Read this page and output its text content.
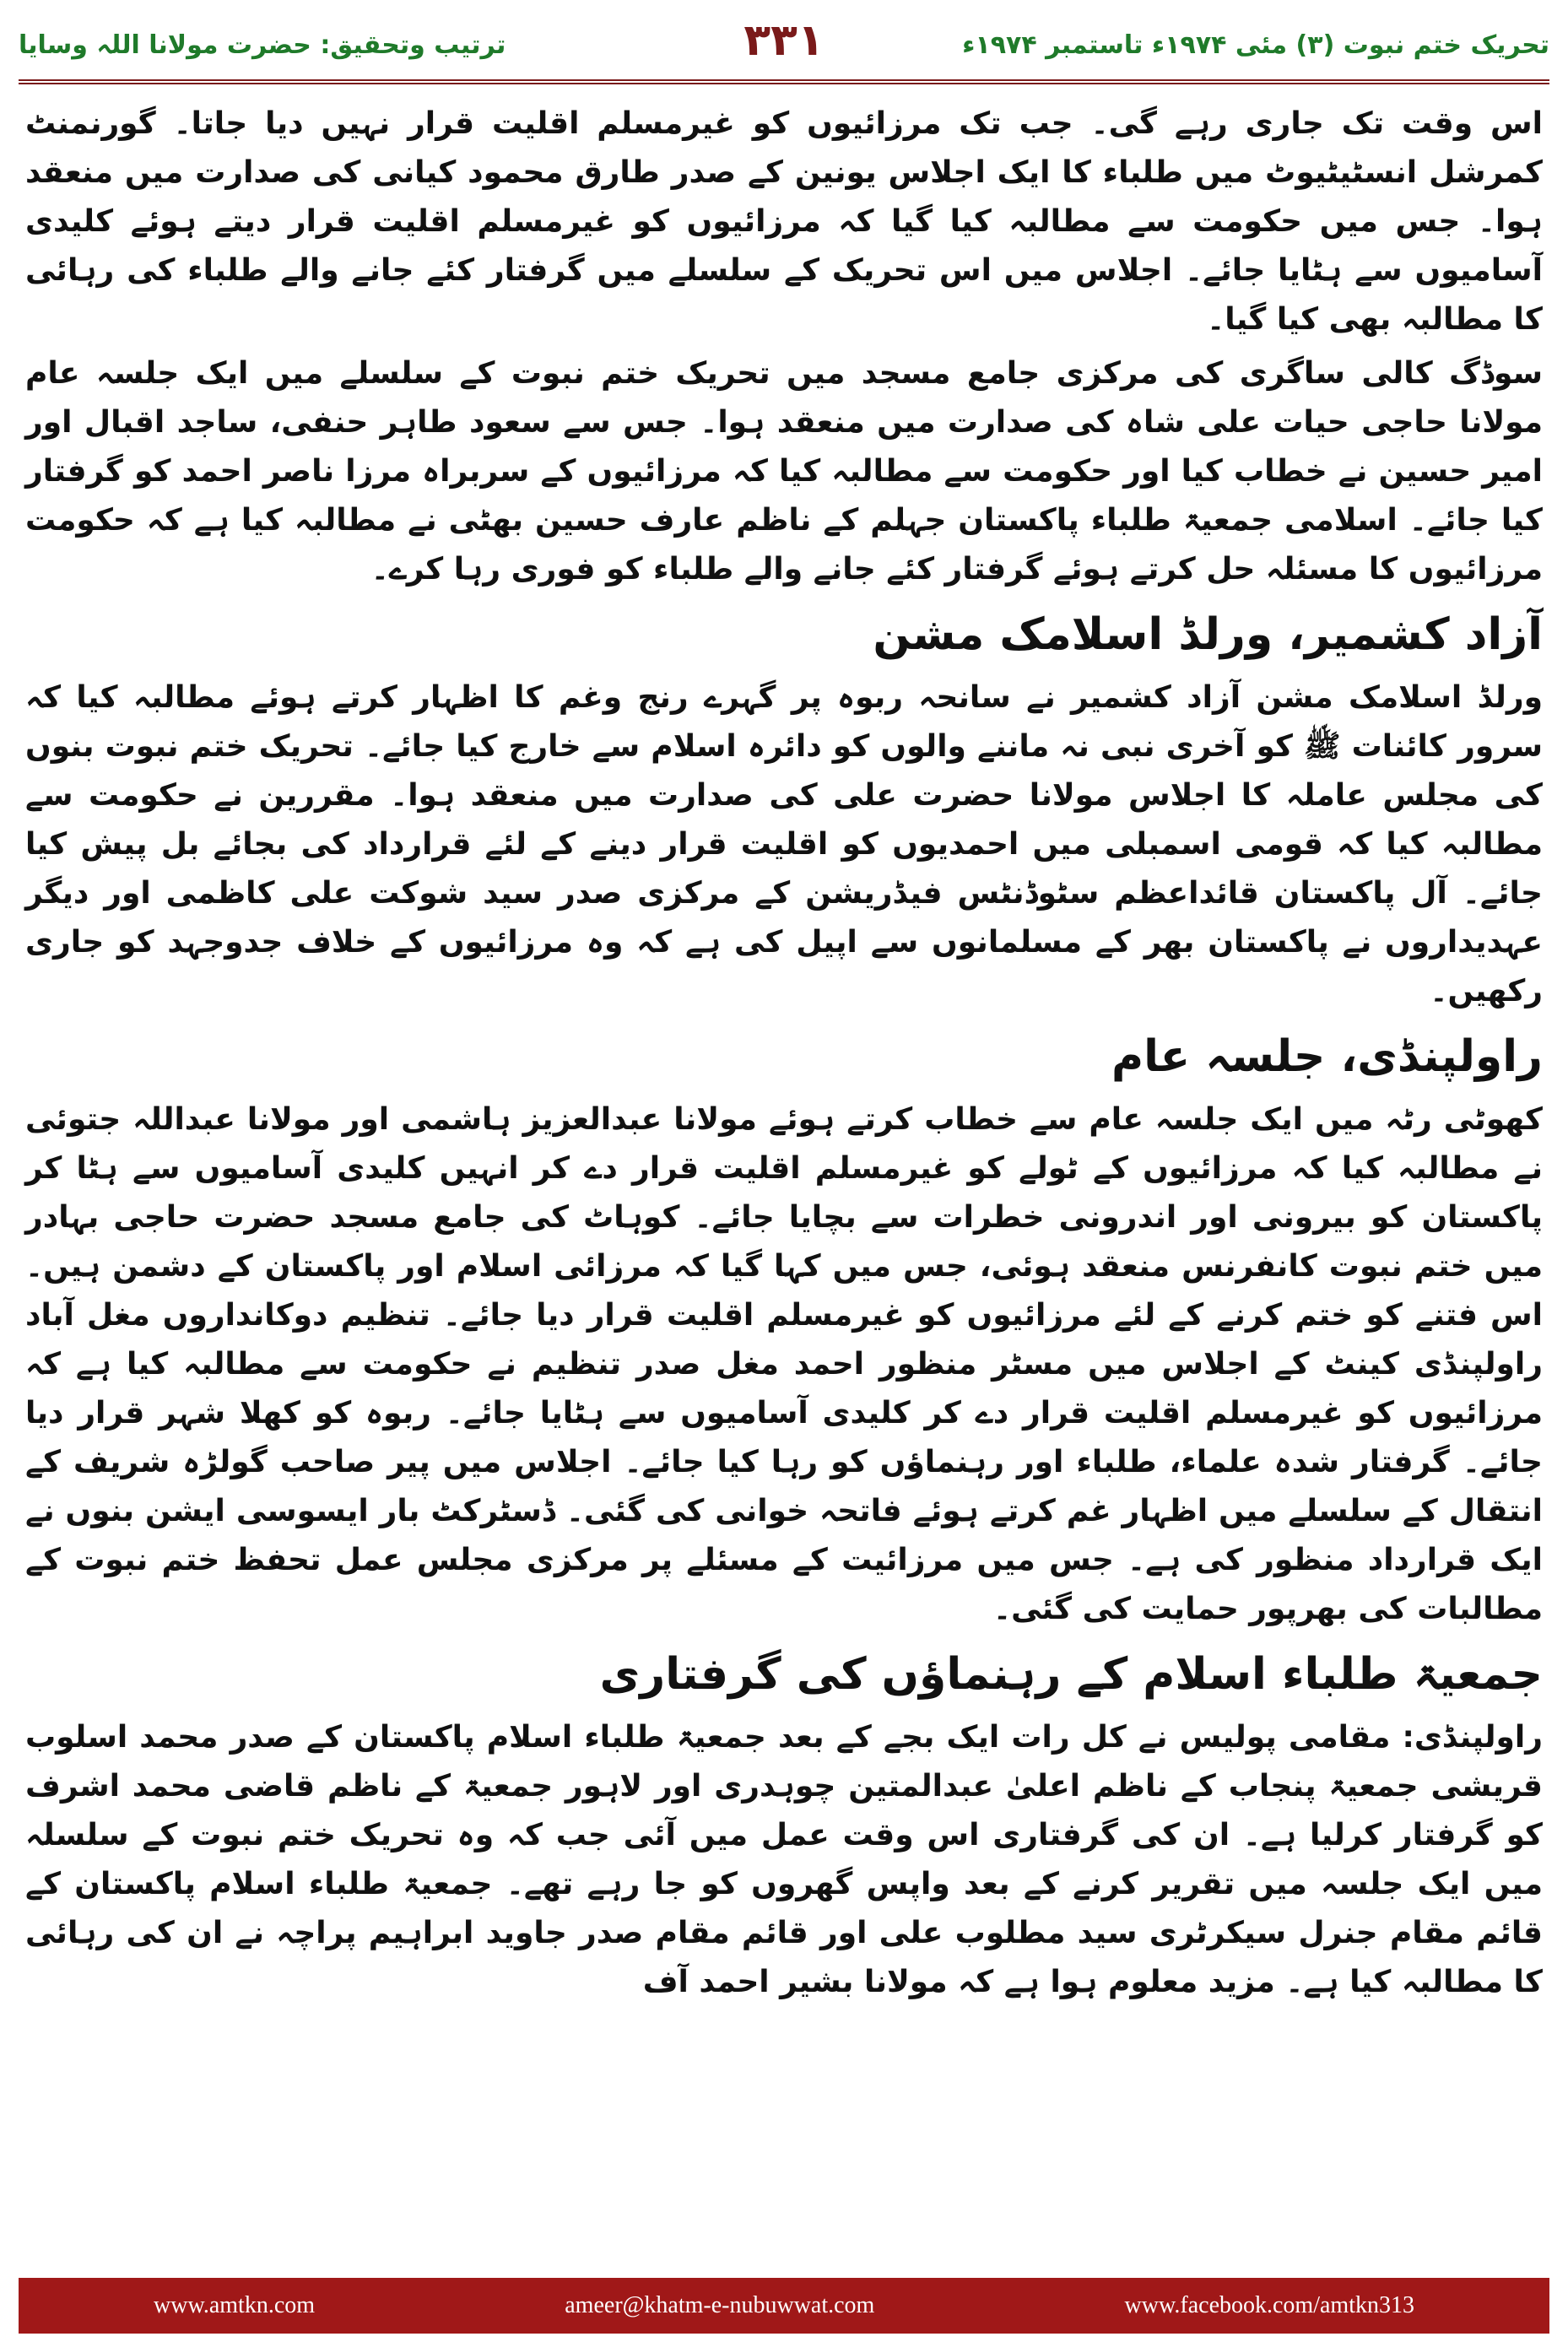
تحریک ختم نبوت (۳) مئی ۱۹۷۴ء تاستمبر ۱۹۷۴ء
۳۳۱
ترتیب وتحقیق: حضرت مولانا اللہ وسایا

اس وقت تک جاری رہے گی۔ جب تک مرزائیوں کو غیرمسلم اقلیت قرار نہیں دیا جاتا۔ گورنمنٹ کمرشل انسٹیٹیوٹ میں طلباء کا ایک اجلاس یونین کے صدر طارق محمود کیانی کی صدارت میں منعقد ہوا۔ جس میں حکومت سے مطالبہ کیا گیا کہ مرزائیوں کو غیرمسلم اقلیت قرار دیتے ہوئے کلیدی آسامیوں سے ہٹایا جائے۔ اجلاس میں اس تحریک کے سلسلے میں گرفتار کئے جانے والے طلباء کی رہائی کا مطالبہ بھی کیا گیا۔

سوڈگ کالی ساگری کی مرکزی جامع مسجد میں تحریک ختم نبوت کے سلسلے میں ایک جلسہ عام مولانا حاجی حیات علی شاہ کی صدارت میں منعقد ہوا۔ جس سے سعود طاہر حنفی، ساجد اقبال اور امیر حسین نے خطاب کیا اور حکومت سے مطالبہ کیا کہ مرزائیوں کے سربراہ مرزا ناصر احمد کو گرفتار کیا جائے۔ اسلامی جمعیۃ طلباء پاکستان جہلم کے ناظم عارف حسین بھٹی نے مطالبہ کیا ہے کہ حکومت مرزائیوں کا مسئلہ حل کرتے ہوئے گرفتار کئے جانے والے طلباء کو فوری رہا کرے۔

آزاد کشمیر، ورلڈ اسلامک مشن

ورلڈ اسلامک مشن آزاد کشمیر نے سانحہ ربوہ پر گہرے رنج وغم کا اظہار کرتے ہوئے مطالبہ کیا کہ سرور کائنات ﷺ کو آخری نبی نہ ماننے والوں کو دائرہ اسلام سے خارج کیا جائے۔ تحریک ختم نبوت بنوں کی مجلس عاملہ کا اجلاس مولانا حضرت علی کی صدارت میں منعقد ہوا۔ مقررین نے حکومت سے مطالبہ کیا کہ قومی اسمبلی میں احمدیوں کو اقلیت قرار دینے کے لئے قرارداد کی بجائے بل پیش کیا جائے۔ آل پاکستان قائداعظم سٹوڈنٹس فیڈریشن کے مرکزی صدر سید شوکت علی کاظمی اور دیگر عہدیداروں نے پاکستان بھر کے مسلمانوں سے اپیل کی ہے کہ وہ مرزائیوں کے خلاف جدوجہد کو جاری رکھیں۔

راولپنڈی، جلسہ عام

کھوٹی رٹہ میں ایک جلسہ عام سے خطاب کرتے ہوئے مولانا عبدالعزیز ہاشمی اور مولانا عبداللہ جتوئی نے مطالبہ کیا کہ مرزائیوں کے ٹولے کو غیرمسلم اقلیت قرار دے کر انہیں کلیدی آسامیوں سے ہٹا کر پاکستان کو بیرونی اور اندرونی خطرات سے بچایا جائے۔ کوہاٹ کی جامع مسجد حضرت حاجی بہادر میں ختم نبوت کانفرنس منعقد ہوئی، جس میں کہا گیا کہ مرزائی اسلام اور پاکستان کے دشمن ہیں۔ اس فتنے کو ختم کرنے کے لئے مرزائیوں کو غیرمسلم اقلیت قرار دیا جائے۔ تنظیم دوکانداروں مغل آباد راولپنڈی کینٹ کے اجلاس میں مسٹر منظور احمد مغل صدر تنظیم نے حکومت سے مطالبہ کیا ہے کہ مرزائیوں کو غیرمسلم اقلیت قرار دے کر کلیدی آسامیوں سے ہٹایا جائے۔ ربوہ کو کھلا شہر قرار دیا جائے۔ گرفتار شدہ علماء، طلباء اور رہنماؤں کو رہا کیا جائے۔ اجلاس میں پیر صاحب گولڑہ شریف کے انتقال کے سلسلے میں اظہار غم کرتے ہوئے فاتحہ خوانی کی گئی۔ ڈسٹرکٹ بار ایسوسی ایشن بنوں نے ایک قرارداد منظور کی ہے۔ جس میں مرزائیت کے مسئلے پر مرکزی مجلس عمل تحفظ ختم نبوت کے مطالبات کی بھرپور حمایت کی گئی۔

جمعیۃ طلباء اسلام کے رہنماؤں کی گرفتاری

راولپنڈی: مقامی پولیس نے کل رات ایک بجے کے بعد جمعیۃ طلباء اسلام پاکستان کے صدر محمد اسلوب قریشی جمعیۃ پنجاب کے ناظم اعلیٰ عبدالمتین چوہدری اور لاہور جمعیۃ کے ناظم قاضی محمد اشرف کو گرفتار کرلیا ہے۔ ان کی گرفتاری اس وقت عمل میں آئی جب کہ وہ تحریک ختم نبوت کے سلسلہ میں ایک جلسہ میں تقریر کرنے کے بعد واپس گھروں کو جا رہے تھے۔ جمعیۃ طلباء اسلام پاکستان کے قائم مقام جنرل سیکرٹری سید مطلوب علی اور قائم مقام صدر جاوید ابراہیم پراچہ نے ان کی رہائی کا مطالبہ کیا ہے۔ مزید معلوم ہوا ہے کہ مولانا بشیر احمد آف

www.amtkn.com	ameer@khatm-e-nubuwwat.com	www.facebook.com/amtkn313
